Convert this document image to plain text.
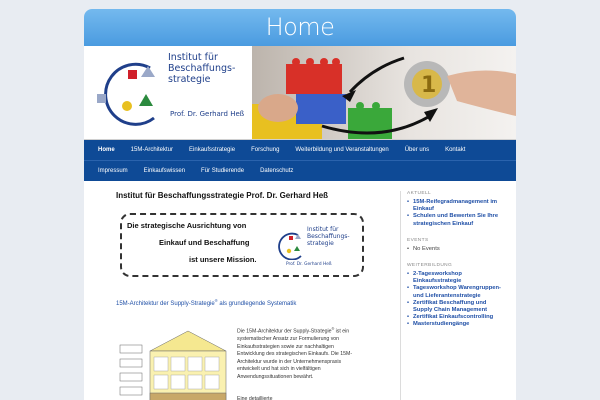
Home
Institut für
Beschaffungs-
strategie
Prof. Dr. Gerhard Heß
1
Home	15M-Architektur	Einkaufsstrategie	Forschung	Weiterbildung und Veranstaltungen	Über uns	Kontakt
Impressum	Einkaufswissen	Für Studierende	Datenschutz
Institut für Beschaffungsstrategie Prof. Dr. Gerhard Heß
Die strategische Ausrichtung von
Einkauf und Beschaffung
ist unsere Mission.
Institut für
Beschaffungs-
strategie
Prof. Dr. Gerhard Heß
15M-Architektur der Supply-Strategie® als grundlegende Systematik
Die 15M-Architektur der Supply-Strategie® ist ein systematischer Ansatz zur Formulierung von Einkaufsstrategien sowie zur nachhaltigen Entwicklung des strategischen Einkaufs. Die 15M-Architektur wurde in der Unternehmenspraxis entwickelt und hat sich in vielfältigen Anwendungssituationen bewährt.
Eine detaillierte
AKTUELL
• 15M-Reifegradmanagement im Einkauf
• Schulen und Bewerten Sie Ihre strategischen Einkauf
EVENTS
• No Events
WEITERBILDUNG
• 2-Tagesworkshop Einkaufsstrategie
• Tagesworkshop Warengruppen- und Lieferantenstrategie
• Zertifikat Beschaffung und Supply Chain Management
• Zertifikat Einkaufscontrolling
• Masterstudiengänge
